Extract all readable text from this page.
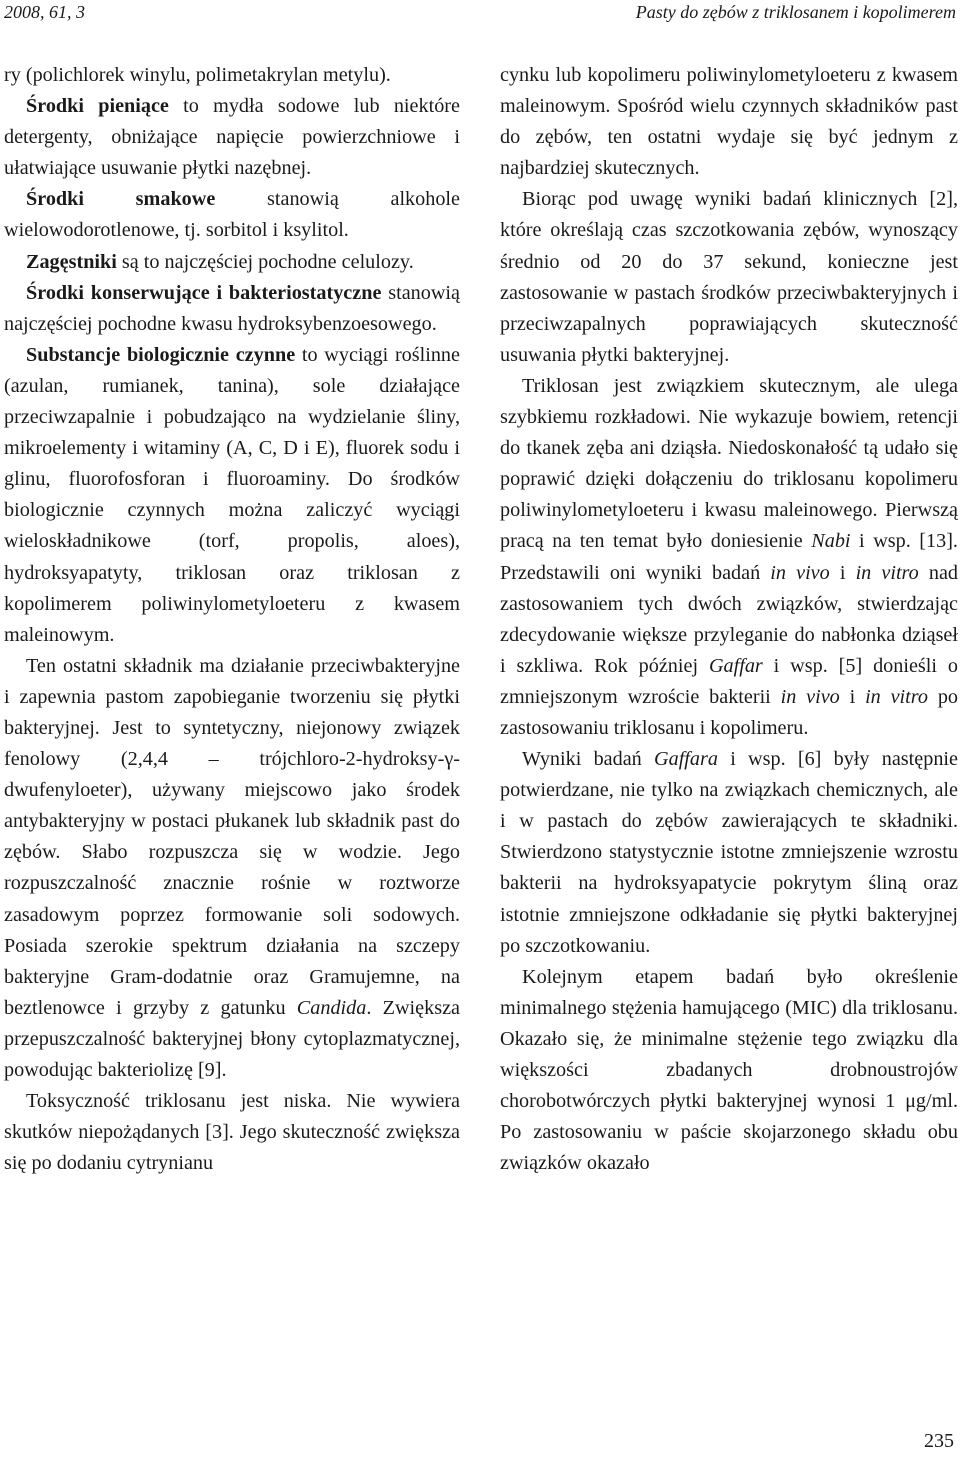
2008, 61, 3	Pasty do zębów z triklosanem i kopolimerem

ry (polichlorek winylu, polimetakrylan metylu).

Środki pieniące to mydła sodowe lub niektóre detergenty, obniżające napięcie powierzchniowe i ułatwiające usuwanie płytki nazębnej.

Środki smakowe stanowią alkohole wielowodorotlenowe, tj. sorbitol i ksylitol.

Zagęstniki są to najczęściej pochodne celulozy.

Środki konserwujące i bakteriostatyczne stanowią najczęściej pochodne kwasu hydroksybenzoesowego.

Substancje biologicznie czynne to wyciągi roślinne (azulan, rumianek, tanina), sole działające przeciwzapalnie i pobudzająco na wydzielanie śliny, mikroelementy i witaminy (A, C, D i E), fluorek sodu i glinu, fluorofosforan i fluoroaminy. Do środków biologicznie czynnych można zaliczyć wyciągi wieloskładnikowe (torf, propolis, aloes), hydroksyapatyty, triklosan oraz triklosan z kopolimerem poliwinylometyloeteru z kwasem maleinowym.

Ten ostatni składnik ma działanie przeciwbakteryjne i zapewnia pastom zapobieganie tworzeniu się płytki bakteryjnej. Jest to syntetyczny, niejonowy związek fenolowy (2,4,4 – trójchloro-2-hydroksy-γ-dwufenyloeter), używany miejscowo jako środek antybakteryjny w postaci płukanek lub składnik past do zębów. Słabo rozpuszcza się w wodzie. Jego rozpuszczalność znacznie rośnie w roztworze zasadowym poprzez formowanie soli sodowych. Posiada szerokie spektrum działania na szczepy bakteryjne Gram-dodatnie oraz Gramujemne, na beztlenowce i grzyby z gatunku Candida. Zwiększa przepuszczalność bakteryjnej błony cytoplazmatycznej, powodując bakteriolizę [9].

Toksyczność triklosanu jest niska. Nie wywiera skutków niepożądanych [3]. Jego skuteczność zwiększa się po dodaniu cytrynianu

cynku lub kopolimeru poliwinylometyloeteru z kwasem maleinowym. Spośród wielu czynnych składników past do zębów, ten ostatni wydaje się być jednym z najbardziej skutecznych.

Biorąc pod uwagę wyniki badań klinicznych [2], które określają czas szczotkowania zębów, wynoszący średnio od 20 do 37 sekund, konieczne jest zastosowanie w pastach środków przeciwbakteryjnych i przeciwzapalnych poprawiających skuteczność usuwania płytki bakteryjnej.

Triklosan jest związkiem skutecznym, ale ulega szybkiemu rozkładowi. Nie wykazuje bowiem, retencji do tkanek zęba ani dziąsła. Niedoskonałość tą udało się poprawić dzięki dołączeniu do triklosanu kopolimeru poliwinylometyloeteru i kwasu maleinowego. Pierwszą pracą na ten temat było doniesienie Nabi i wsp. [13]. Przedstawili oni wyniki badań in vivo i in vitro nad zastosowaniem tych dwóch związków, stwierdzając zdecydowanie większe przyleganie do nabłonka dziąseł i szkliwa. Rok później Gaffar i wsp. [5] donieśli o zmniejszonym wzroście bakterii in vivo i in vitro po zastosowaniu triklosanu i kopolimeru.

Wyniki badań Gaffara i wsp. [6] były następnie potwierdzane, nie tylko na związkach chemicznych, ale i w pastach do zębów zawierających te składniki. Stwierdzono statystycznie istotne zmniejszenie wzrostu bakterii na hydroksyapatycie pokrytym śliną oraz istotnie zmniejszone odkładanie się płytki bakteryjnej po szczotkowaniu.

Kolejnym etapem badań było określenie minimalnego stężenia hamującego (MIC) dla triklosanu. Okazało się, że minimalne stężenie tego związku dla większości zbadanych drobnoustrojów chorobotwórczych płytki bakteryjnej wynosi 1 μg/ml. Po zastosowaniu w paście skojarzonego składu obu związków okazało

235
